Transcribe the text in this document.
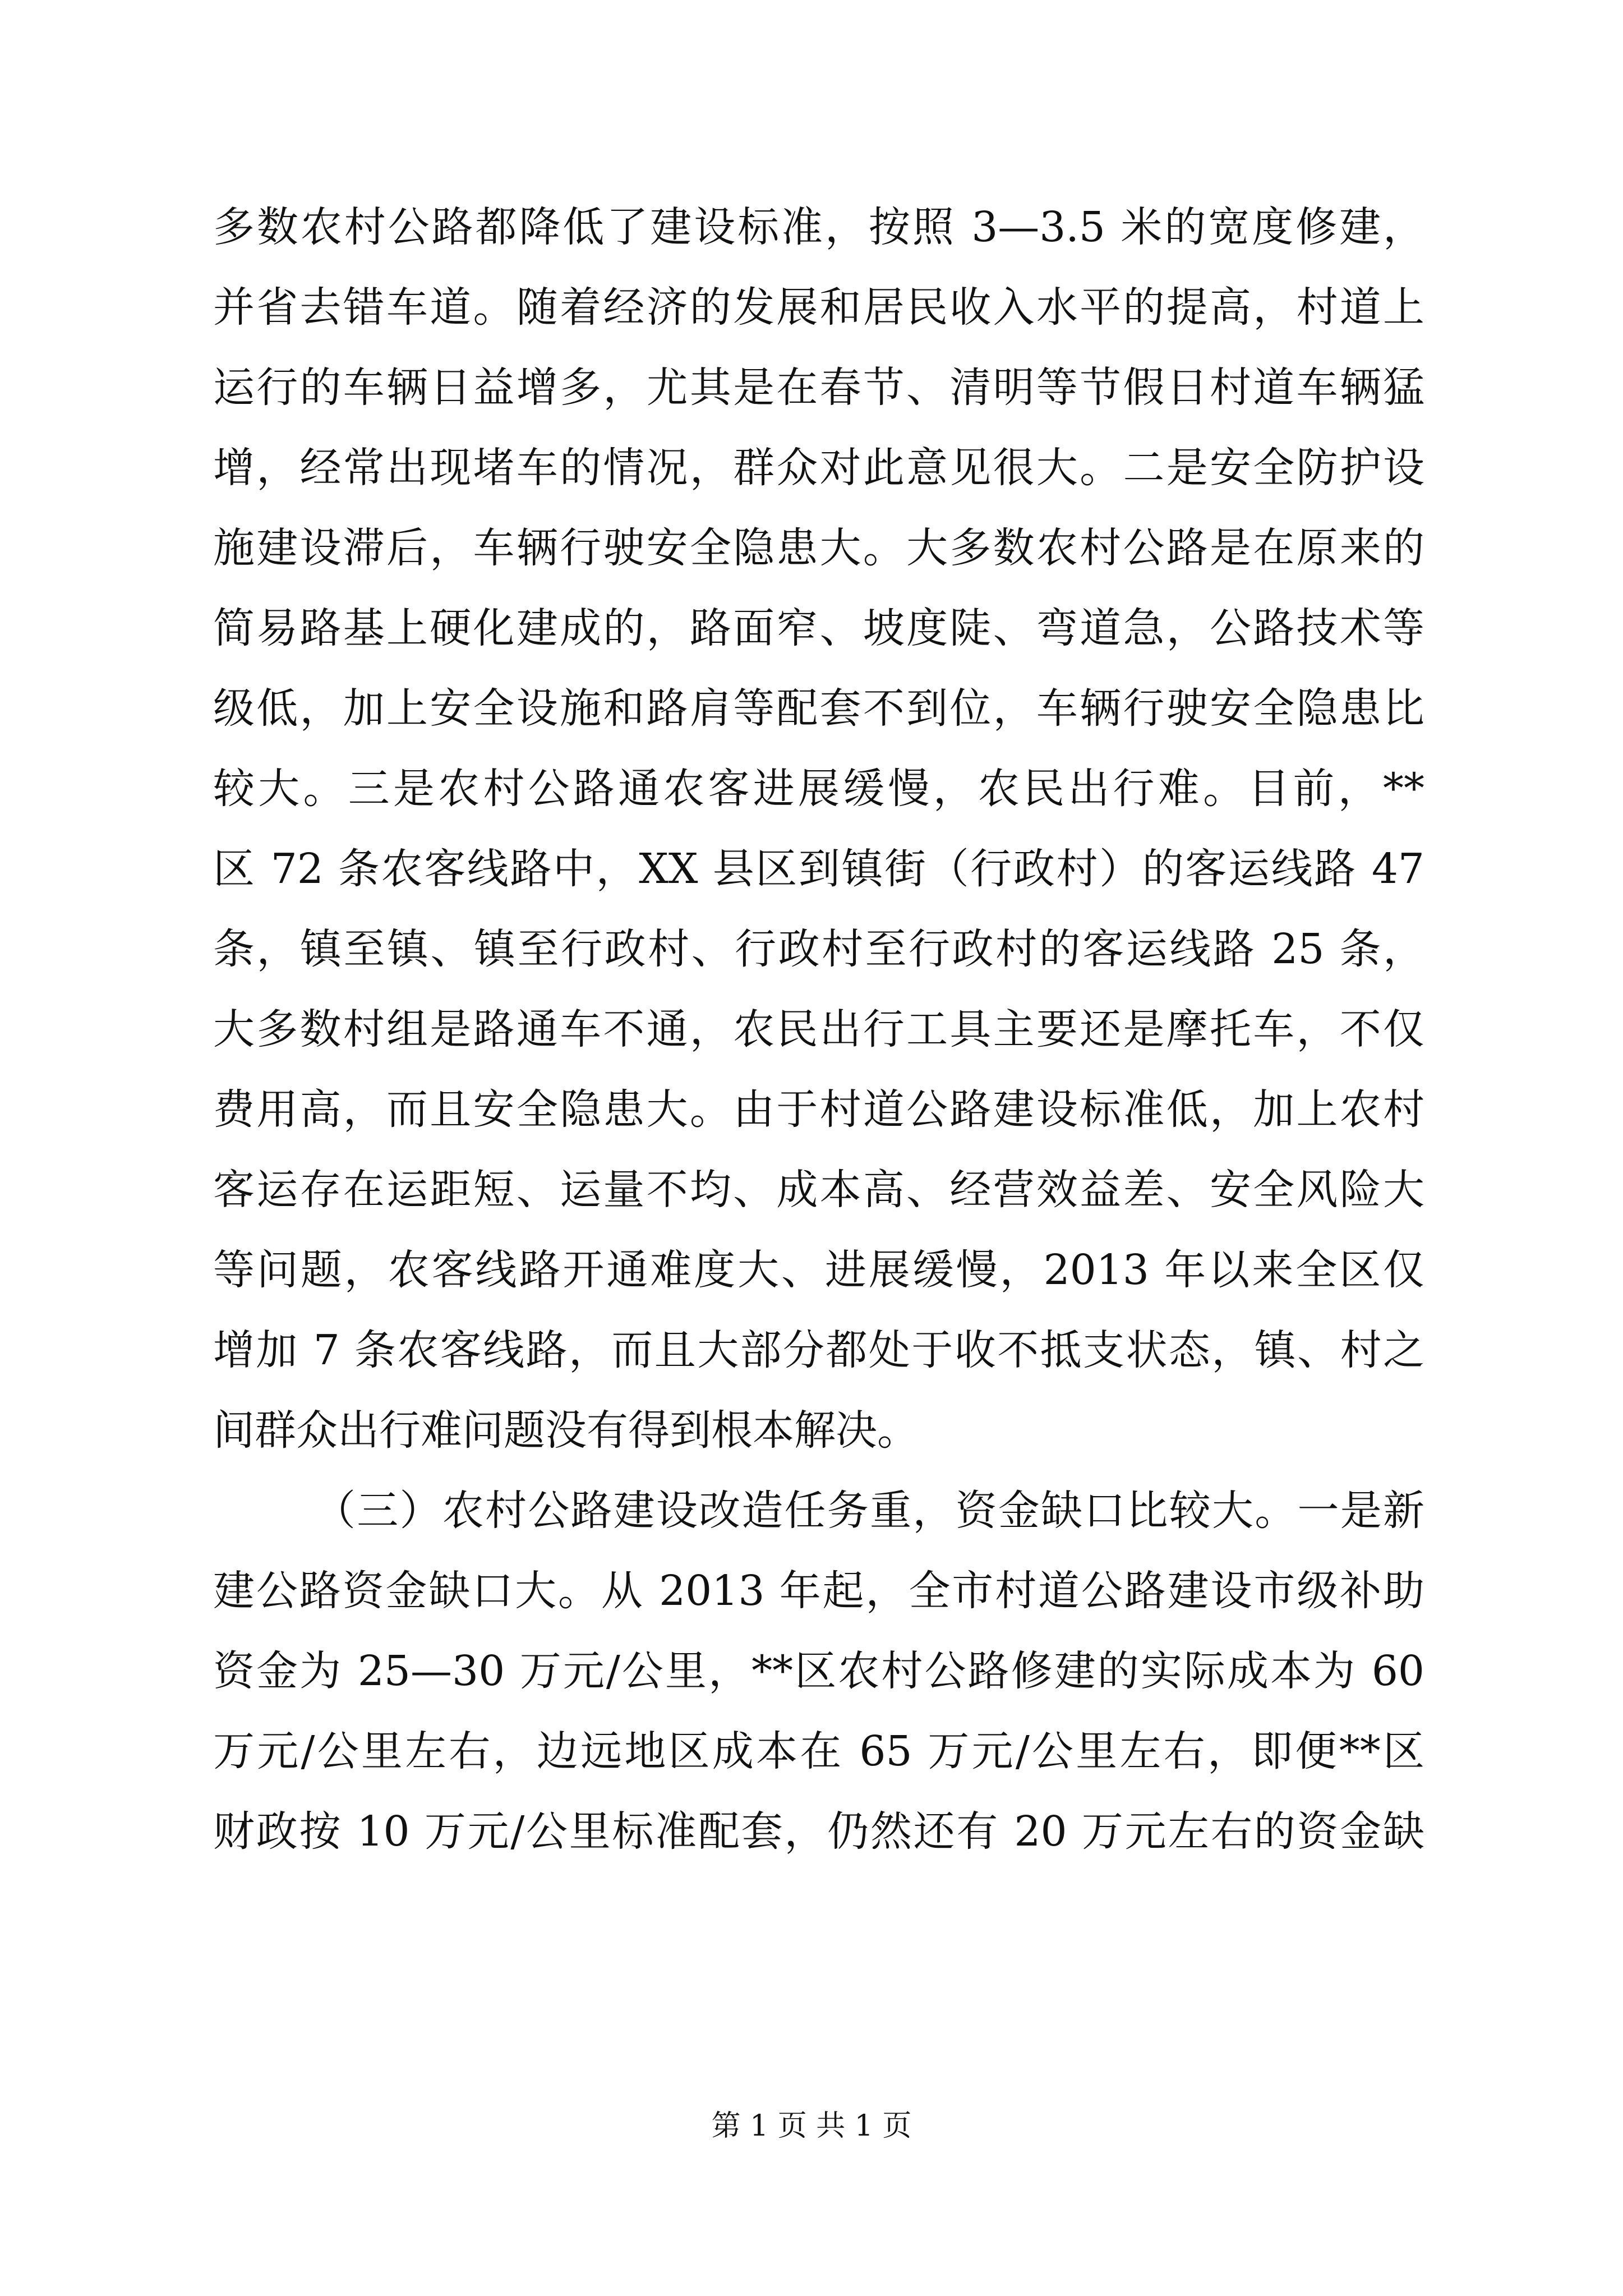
多数农村公路都降低了建设标准，按照 3—3.5 米的宽度修建，
并省去错车道。随着经济的发展和居民收入水平的提高，村道上
运行的车辆日益增多，尤其是在春节、清明等节假日村道车辆猛
增，经常出现堵车的情况，群众对此意见很大。二是安全防护设
施建设滞后，车辆行驶安全隐患大。大多数农村公路是在原来的
简易路基上硬化建成的，路面窄、坡度陡、弯道急，公路技术等
级低，加上安全设施和路肩等配套不到位，车辆行驶安全隐患比
较大。三是农村公路通农客进展缓慢，农民出行难。目前，**
区 72 条农客线路中，XX 县区到镇街（行政村）的客运线路 47
条，镇至镇、镇至行政村、行政村至行政村的客运线路 25 条，
大多数村组是路通车不通，农民出行工具主要还是摩托车，不仅
费用高，而且安全隐患大。由于村道公路建设标准低，加上农村
客运存在运距短、运量不均、成本高、经营效益差、安全风险大
等问题，农客线路开通难度大、进展缓慢，2013 年以来全区仅
增加 7 条农客线路，而且大部分都处于收不抵支状态，镇、村之
间群众出行难问题没有得到根本解决。
（三）农村公路建设改造任务重，资金缺口比较大。一是新
建公路资金缺口大。从 2013 年起，全市村道公路建设市级补助
资金为 25—30 万元/公里，**区农村公路修建的实际成本为 60
万元/公里左右，边远地区成本在 65 万元/公里左右，即便**区
财政按 10 万元/公里标准配套，仍然还有 20 万元左右的资金缺
第 1 页 共 1 页
